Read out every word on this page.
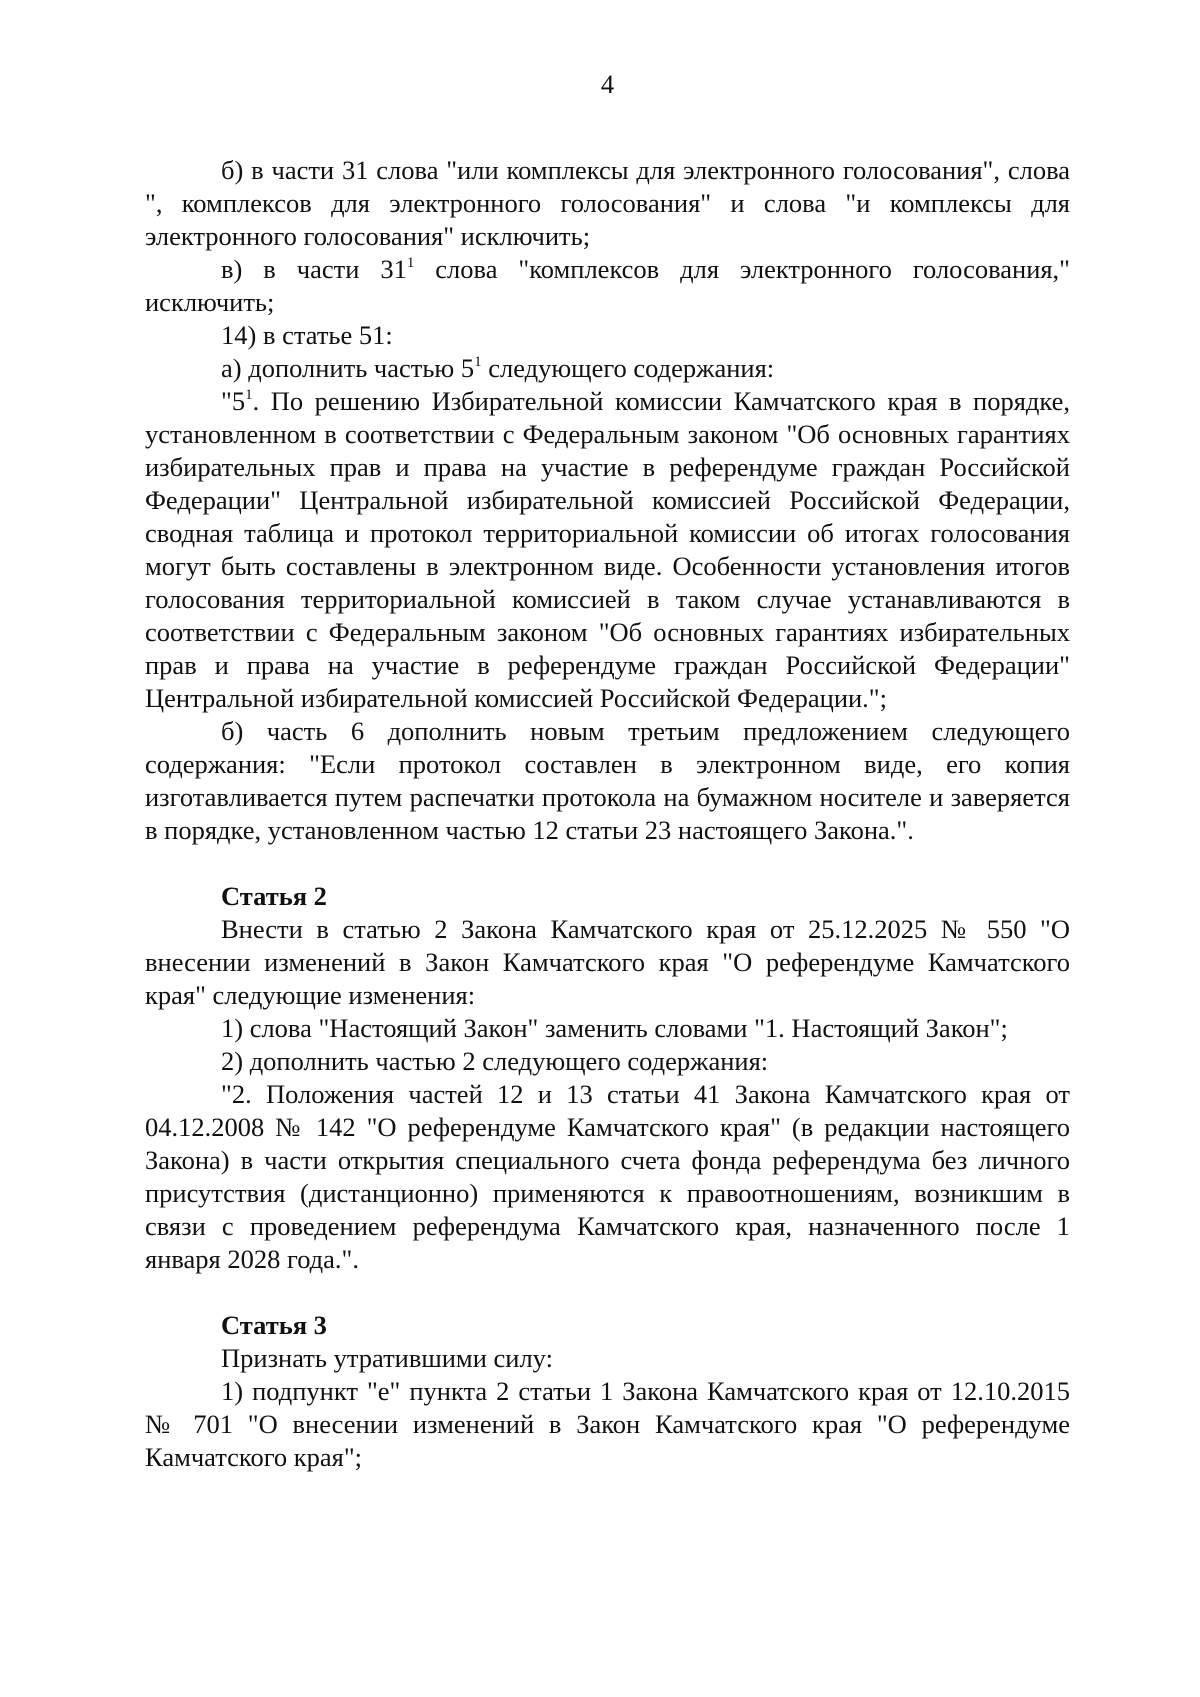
4

б) в части 31 слова "или комплексы для электронного голосования", слова ", комплексов для электронного голосования" и слова "и комплексы для электронного голосования" исключить;

в) в части $31^1$ слова "комплексов для электронного голосования," исключить;

14) в статье 51:

а) дополнить частью $5^1$ следующего содержания:

"$5^1$. По решению Избирательной комиссии Камчатского края в порядке, установленном в соответствии с Федеральным законом "Об основных гарантиях избирательных прав и права на участие в референдуме граждан Российской Федерации" Центральной избирательной комиссией Российской Федерации, сводная таблица и протокол территориальной комиссии об итогах голосования могут быть составлены в электронном виде. Особенности установления итогов голосования территориальной комиссией в таком случае устанавливаются в соответствии с Федеральным законом "Об основных гарантиях избирательных прав и права на участие в референдуме граждан Российской Федерации" Центральной избирательной комиссией Российской Федерации.";

б) часть 6 дополнить новым третьим предложением следующего содержания: "Если протокол составлен в электронном виде, его копия изготавливается путем распечатки протокола на бумажном носителе и заверяется в порядке, установленном частью 12 статьи 23 настоящего Закона.".

Статья 2

Внести в статью 2 Закона Камчатского края от 25.12.2025 № 550 "О внесении изменений в Закон Камчатского края "О референдуме Камчатского края" следующие изменения:

1) слова "Настоящий Закон" заменить словами "1. Настоящий Закон";

2) дополнить частью 2 следующего содержания:

"2. Положения частей 12 и 13 статьи 41 Закона Камчатского края от 04.12.2008 № 142 "О референдуме Камчатского края" (в редакции настоящего Закона) в части открытия специального счета фонда референдума без личного присутствия (дистанционно) применяются к правоотношениям, возникшим в связи с проведением референдума Камчатского края, назначенного после 1 января 2028 года.".

Статья 3

Признать утратившими силу:

1) подпункт "е" пункта 2 статьи 1 Закона Камчатского края от 12.10.2015 № 701 "О внесении изменений в Закон Камчатского края "О референдуме Камчатского края";
